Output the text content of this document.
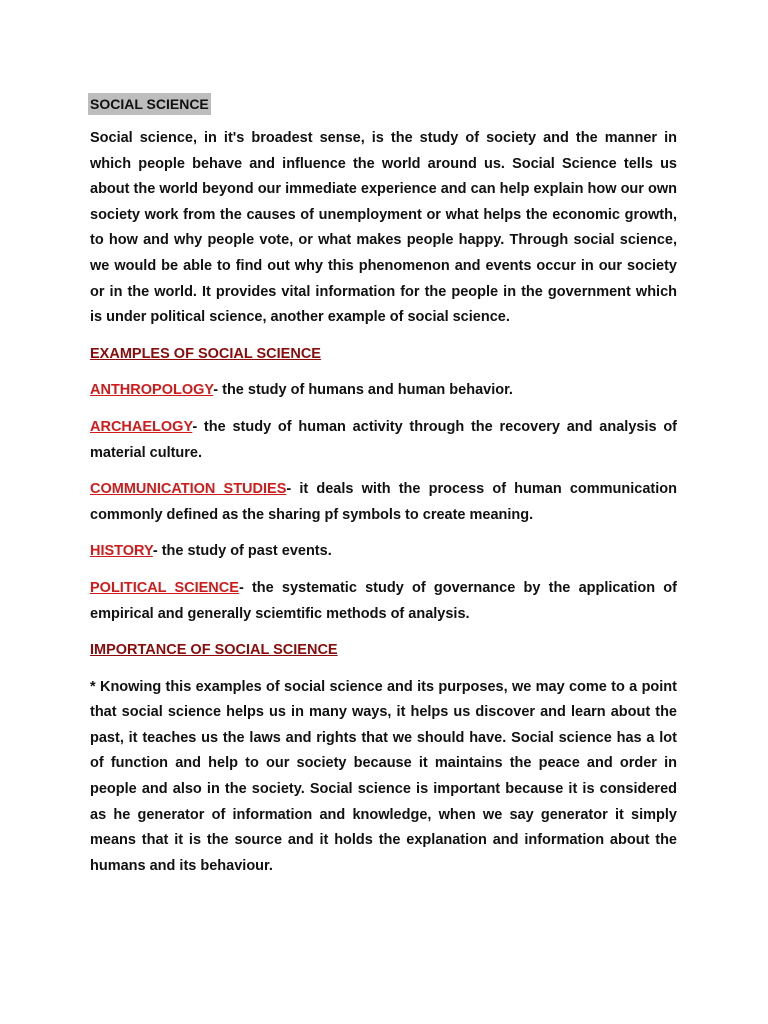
SOCIAL SCIENCE

Social science, in it's broadest sense, is the study of society and the manner in which people behave and influence the world around us. Social Science tells us about the world beyond our immediate experience and can help explain how our own society work from the causes of unemployment or what helps the economic growth, to how and why people vote, or what makes people happy. Through social science, we would be able to find out why this phenomenon and events occur in our society or in the world. It provides vital information for the people in the government which is under political science, another example of social science.

EXAMPLES OF SOCIAL SCIENCE

ANTHROPOLOGY- the study of humans and human behavior.

ARCHAELOGY- the study of human activity through the recovery and analysis of material culture.

COMMUNICATION STUDIES- it deals with the process of human communication commonly defined as the sharing pf symbols to create meaning.

HISTORY- the study of past events.

POLITICAL SCIENCE- the systematic study of governance by the application of empirical and generally sciemtific methods of analysis.

IMPORTANCE OF SOCIAL SCIENCE

* Knowing this examples of social science and its purposes, we may come to a point that social science helps us in many ways, it helps us discover and learn about the past, it teaches us the laws and rights that we should have. Social science has a lot of function and help to our society because it maintains the peace and order in people and also in the society. Social science is important because it is considered as he generator of information and knowledge, when we say generator it simply means that it is the source and it holds the explanation and information about the humans and its behaviour.
